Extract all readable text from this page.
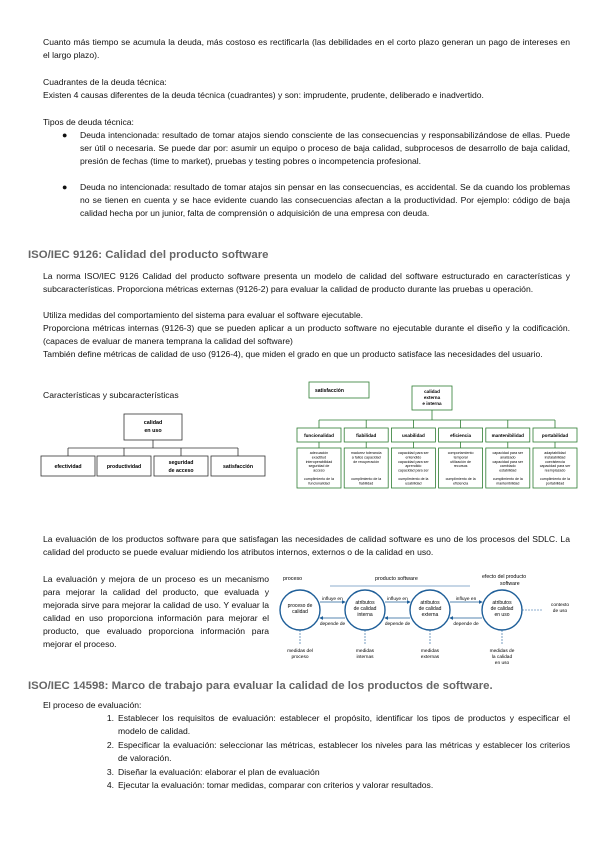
Cuanto más tiempo se acumula la deuda, más costoso es rectificarla (las debilidades en el corto plazo generan un pago de intereses en el largo plazo).

Cuadrantes de la deuda técnica:

Existen 4 causas diferentes de la deuda técnica (cuadrantes) y son: imprudente, prudente, deliberado e inadvertido.

Tipos de deuda técnica:

● Deuda intencionada: resultado de tomar atajos siendo consciente de las consecuencias y responsabilizándose de ellas. Puede ser útil o necesaria. Se puede dar por: asumir un equipo o proceso de baja calidad, subprocesos de desarrollo de baja calidad, presión de fechas (time to market), pruebas y testing pobres o incompetencia profesional.

● Deuda no intencionada: resultado de tomar atajos sin pensar en las consecuencias, es accidental. Se da cuando los problemas no se tienen en cuenta y se hace evidente cuando las consecuencias afectan a la productividad. Por ejemplo: código de baja calidad hecha por un junior, falta de comprensión o adquisición de una empresa con deuda.

ISO/IEC 9126: Calidad del producto software

La norma ISO/IEC 9126 Calidad del producto software presenta un modelo de calidad del software estructurado en características y subcaracterísticas. Proporciona métricas externas (9126-2) para evaluar la calidad de producto durante las pruebas u operación.

Utiliza medidas del comportamiento del sistema para evaluar el software ejecutable.

Proporciona métricas internas (9126-3) que se pueden aplicar a un producto software no ejecutable durante el diseño y la codificación. (capaces de evaluar de manera temprana la calidad del software)

También define métricas de calidad de uso (9126-4), que miden el grado en que un producto satisface las necesidades del usuario.

Características y subcaracterísticas

calidad
en uso
efectividad	productividad
seguridad
de acceso
satisfacción
satisfacción	calidad
externa
e interna
funcionalidad
adecuación exactitud interoperabilidad seguridad de acceso
cumplimiento de la funcionalidad
fiabilidad
madurez tolerancia a fallos capacidad de recuperación
cumplimiento de la fiabilidad
usabilidad
capacidad para ser entendido capacidad para ser aprendido capacidad para ser
cumplimiento de la usabilidad
eficiencia
comportamiento temporal utilización de recursos
cumplimiento de la eficiencia
mantenibilidad
capacidad para ser analizado capacidad para ser cambiado estabilidad
cumplimiento de la mantenibilidad
portabilidad
adaptabilidad instalabilidad coexistencia capacidad para ser reemplazado
cumplimiento de la portabilidad

La evaluación de los productos software para que satisfagan las necesidades de calidad software es uno de los procesos del SDLC. La calidad del producto se puede evaluar midiendo los atributos internos, externos o de la calidad en uso.

La evaluación y mejora de un proceso es un mecanismo para mejorar la calidad del producto, que evaluada y mejorada sirve para mejorar la calidad de uso. Y evaluar la calidad en uso proporciona información para mejorar el producto, que evaluado proporciona información para mejorar el proceso.

proceso	producto software	efecto del producto
software
proceso de calidad
medidas del proceso
influye en
depende de
atributos de calidad interna
medidas internas
influye en
depende de
atributos de calidad externa
medidas externas
influye en
depende de
atributos de calidad en uso
medidas de la calidad en uso
contexto de uso
ISO/IEC 14598: Marco de trabajo para evaluar la calidad de los productos de software.

El proceso de evaluación:

1. Establecer los requisitos de evaluación: establecer el propósito, identificar los tipos de productos y especificar el modelo de calidad.

2. Especificar la evaluación: seleccionar las métricas, establecer los niveles para las métricas y establecer los criterios de valoración.

3. Diseñar la evaluación: elaborar el plan de evaluación

4. Ejecutar la evaluación: tomar medidas, comparar con criterios y valorar resultados.
